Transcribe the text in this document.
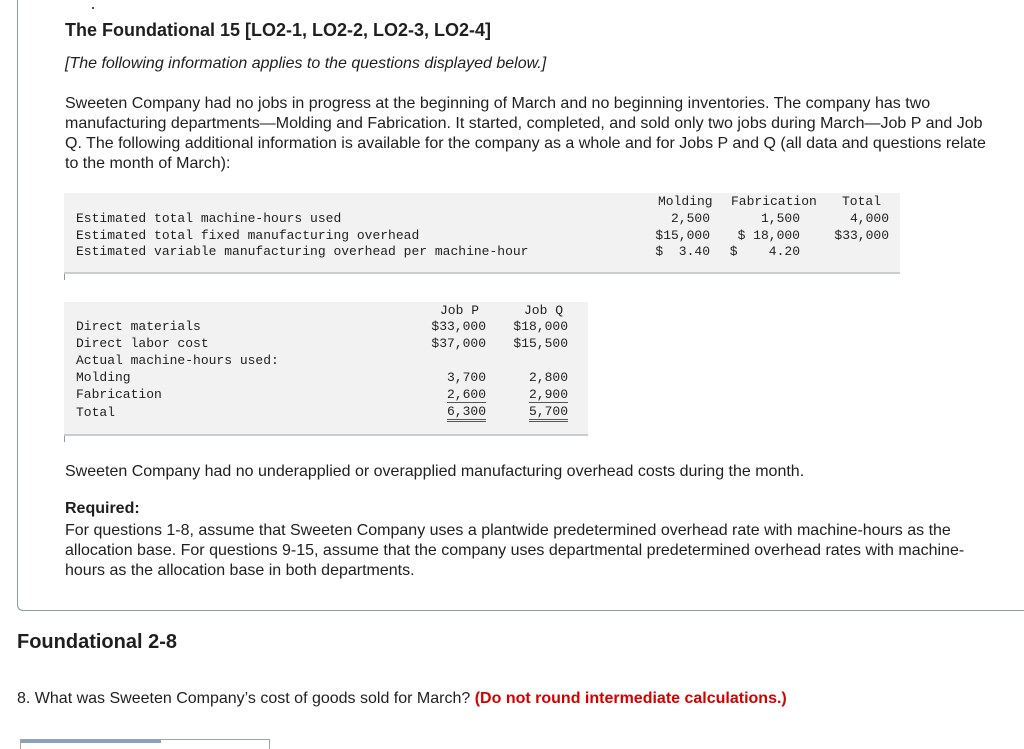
The Foundational 15 [LO2-1, LO2-2, LO2-3, LO2-4]

[The following information applies to the questions displayed below.]

Sweeten Company had no jobs in progress at the beginning of March and no beginning inventories. The company has two manufacturing departments—Molding and Fabrication. It started, completed, and sold only two jobs during March—Job P and Job Q. The following additional information is available for the company as a whole and for Jobs P and Q (all data and questions relate to the month of March):

Molding Fabrication Total
Estimated total machine-hours used	2,500	1,500	4,000
Estimated total fixed manufacturing overhead	$15,000 $ 18,000	$33,000
Estimated variable manufacturing overhead per machine-hour	$  3.40 $    4.20
Job P	Job Q
Direct materials	$33,000 $18,000
Direct labor cost	$37,000 $15,500
Actual machine-hours used:
Molding	3,700	2,800
Fabrication	2,600	2,900
Total	6,300	5,700

Sweeten Company had no underapplied or overapplied manufacturing overhead costs during the month.

Required:

For questions 1-8, assume that Sweeten Company uses a plantwide predetermined overhead rate with machine-hours as the allocation base. For questions 9-15, assume that the company uses departmental predetermined overhead rates with machine-hours as the allocation base in both departments.

Foundational 2-8

8. What was Sweeten Company’s cost of goods sold for March? (Do not round intermediate calculations.)
